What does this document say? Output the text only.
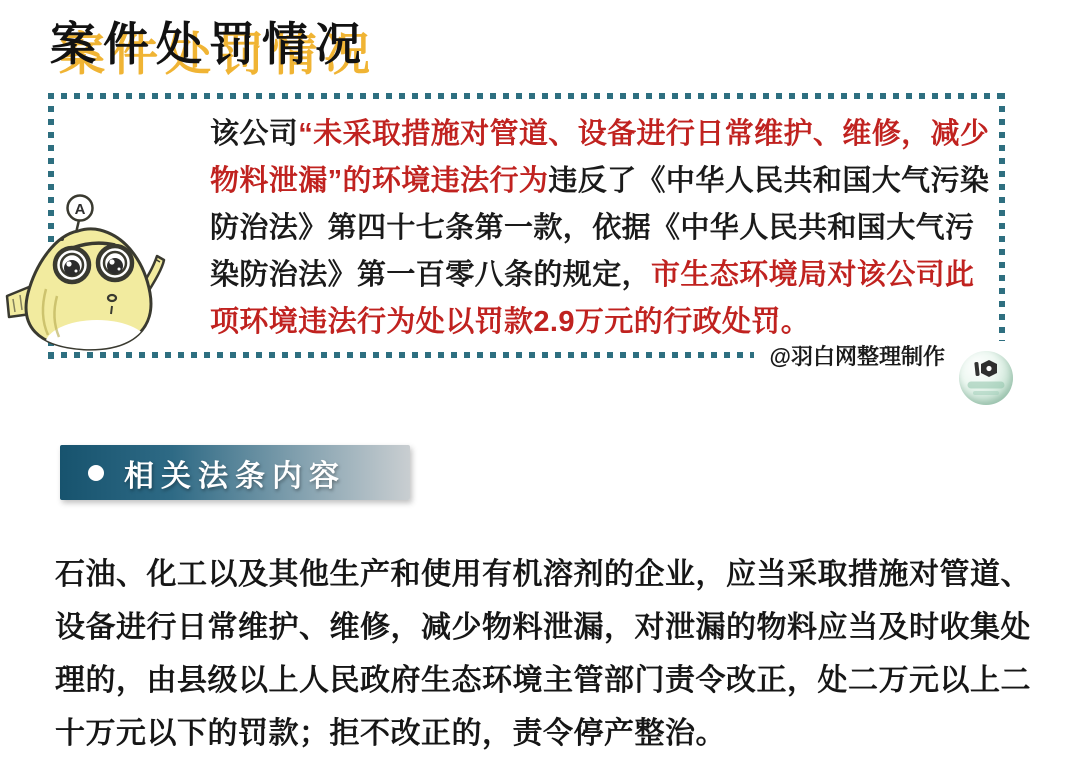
案件处罚情况
A

该公司“未采取措施对管道、设备进行日常维护、维修，减少物料泄漏”的环境违法行为违反了《中华人民共和国大气污染防治法》第四十七条第一款，依据《中华人民共和国大气污染防治法》第一百零八条的规定，市生态环境局对该公司此项环境违法行为处以罚款2.9万元的行政处罚。

@羽白网整理制作
相关法条内容

石油、化工以及其他生产和使用有机溶剂的企业，应当采取措施对管道、设备进行日常维护、维修，减少物料泄漏，对泄漏的物料应当及时收集处理的，由县级以上人民政府生态环境主管部门责令改正，处二万元以上二十万元以下的罚款；拒不改正的，责令停产整治。
